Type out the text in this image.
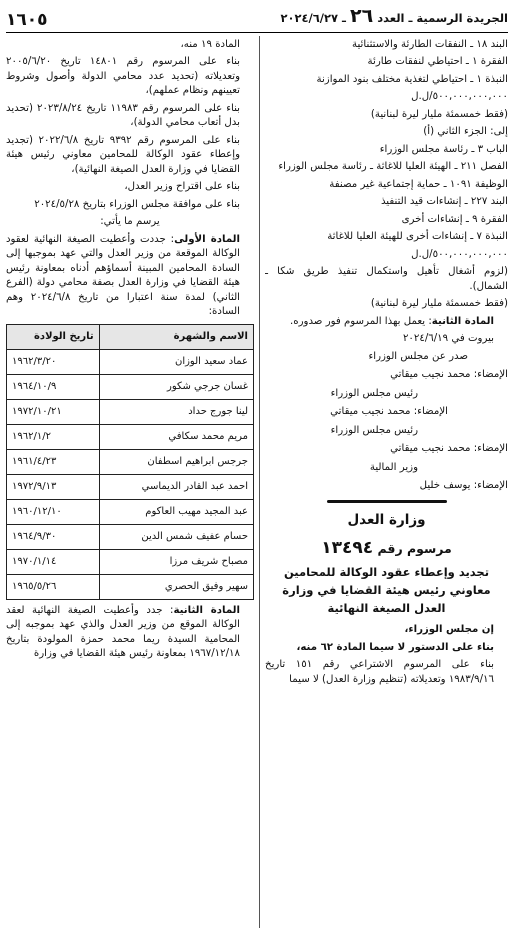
الجريدة الرسمية ـ العدد ٢٦ ـ ٢٠٢٤/٦/٢٧
١٦٠٥

البند ١٨ ـ النفقات الطارئة والاستثنائية

الفقرة ١ ـ احتياطي لنفقات طارئة

النبذة ١ ـ احتياطي لتغذية مختلف بنود الموازنة

٥٠٠,٠٠٠,٠٠٠,٠٠٠/ل.ل

(فقط خمسمئة مليار ليرة لبنانية)

إلى: الجزء الثاني (أ)

الباب ٣ ـ رئاسة مجلس الوزراء

الفصل ٢١١ ـ الهيئة العليا للاغاثة ـ رئاسة مجلس الوزراء

الوظيفة ١٠٩١ ـ حماية إجتماعية غير مصنفة

البند ٢٢٧ ـ إنشاءات قيد التنفيذ

الفقرة ٩ ـ إنشاءات أخرى

النبذة ٧ ـ إنشاءات أخرى للهيئة العليا للاغاثة

٥٠٠,٠٠٠,٠٠٠,٠٠٠/ل.ل

(لزوم أشغال تأهيل واستكمال تنفيذ طريق شكا ـ الشمال).

(فقط خمسمئة مليار ليرة لبنانية)

المادة الثانية: يعمل بهذا المرسوم فور صدوره.

بيروت في ٢٠٢٤/٦/١٩

صدر عن مجلس الوزراء

الإمضاء: محمد نجيب ميقاتي

رئيس مجلس الوزراء

الإمضاء: محمد نجيب ميقاتي

رئيس مجلس الوزراء

الإمضاء: محمد نجيب ميقاتي

وزير المالية

الإمضاء: يوسف خليل

وزارة العدل
مرسوم رقم ١٣٤٩٤
تجديد وإعطاء عقود الوكالة للمحامين معاوني رئيس هيئة القضايا في وزارة العدل الصيغة النهائية

إن مجلس الوزراء،

بناء على الدستور لا سيما المادة ٦٢ منه،

بناء على المرسوم الاشتراعي رقم ١٥١ تاريخ ١٩٨٣/٩/١٦ وتعديلاته (تنظيم وزارة العدل) لا سيما

المادة ١٩ منه،

بناء على المرسوم رقم ١٤٨٠١ تاريخ ٢٠٠٥/٦/٢٠ وتعديلاته (تحديد عدد محامي الدولة وأصول وشروط تعيينهم ونظام عملهم)،

بناء على المرسوم رقم ١١٩٨٣ تاريخ ٢٠٢٣/٨/٢٤ (تحديد بدل أتعاب محامي الدولة)،

بناء على المرسوم رقم ٩٣٩٢ تاريخ ٢٠٢٢/٦/٨ (تجديد وإعطاء عقود الوكالة للمحامين معاوني رئيس هيئة القضايا في وزارة العدل الصيغة النهائية)،

بناء على اقتراح وزير العدل،

بناء على موافقة مجلس الوزراء بتاريخ ٢٠٢٤/٥/٢٨

يرسم ما يأتي:

المادة الأولى: جددت وأعطيت الصيغة النهائية لعقود الوكالة الموقعة من وزير العدل والتي عهد بموجبها إلى السادة المحامين المبينة أسماؤهم أدناه بمعاونة رئيس هيئة القضايا في وزارة العدل بصفة محامي دولة (الفرع الثاني) لمدة سنة اعتبارا من تاريخ ٢٠٢٤/٦/٨ وهم السادة:

الاسم والشهرة	تاريخ الولادة
عماد سعيد الوزان	١٩٦٢/٣/٢٠
غسان جرجي شكور	١٩٦٤/١٠/٩
لينا جورج حداد	١٩٧٢/١٠/٢١
مريم محمد سكافي	١٩٦٢/١/٢
جرجس ابراهيم اسطفان	١٩٦١/٤/٢٣
احمد عبد القادر الديماسي	١٩٧٢/٩/١٣
عبد المجيد مهيب العاكوم	١٩٦٠/١٢/١٠
حسام عفيف شمس الدين	١٩٦٤/٩/٣٠
مصباح شريف مرزا	١٩٧٠/١/١٤
سهير وفيق الحصري	١٩٦٥/٥/٢٦

المادة الثانية: جدد وأعطيت الصيغة النهائية لعقد الوكالة الموقع من وزير العدل والذي عهد بموجبه إلى المحامية السيدة ريما محمد حمزة المولودة بتاريخ ١٩٦٧/١٢/١٨ بمعاونة رئيس هيئة القضايا في وزارة
